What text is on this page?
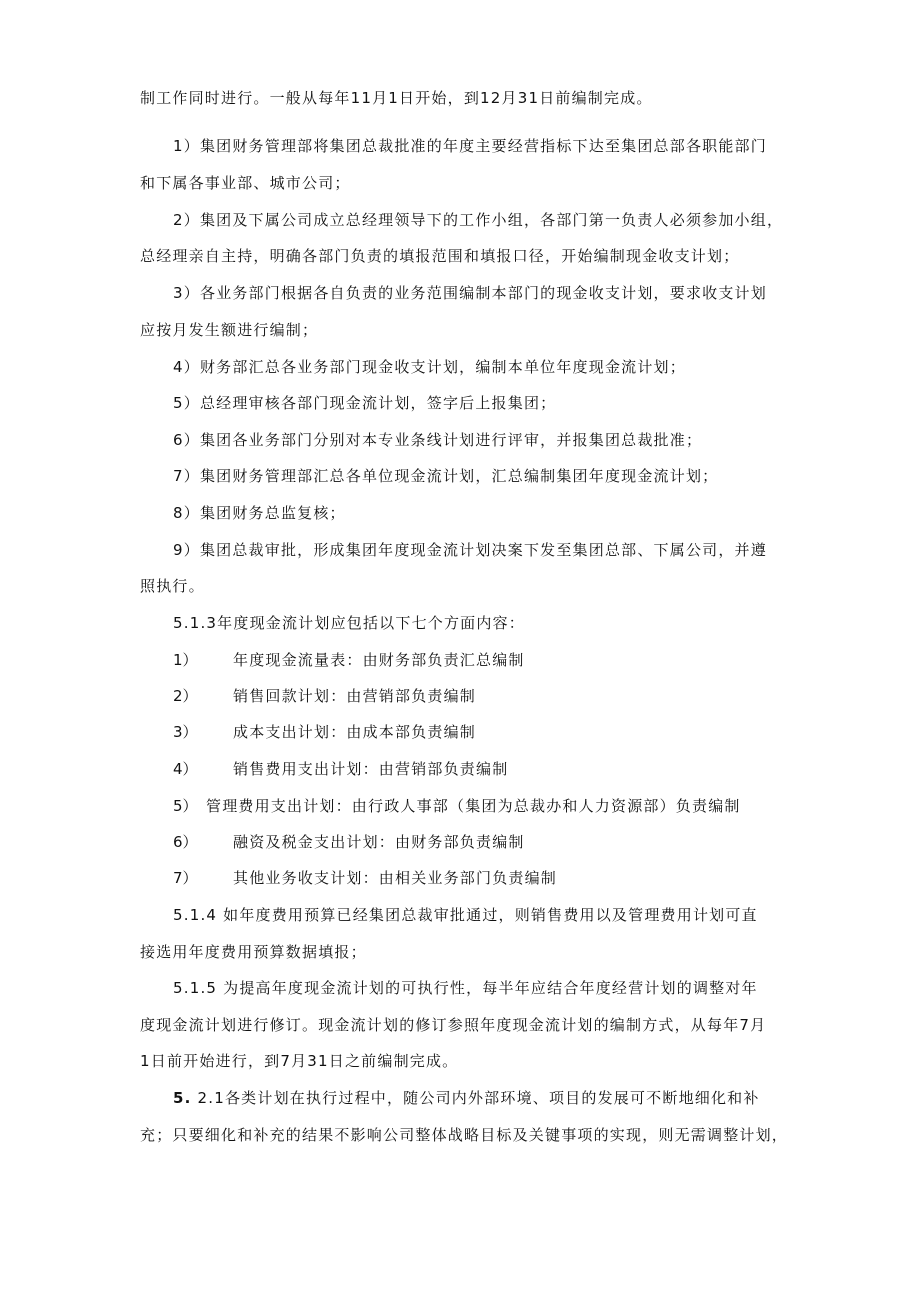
制工作同时进行。一般从每年11月1日开始，到12月31日前编制完成。

1）集团财务管理部将集团总裁批准的年度主要经营指标下达至集团总部各职能部门

和下属各事业部、城市公司；

2）集团及下属公司成立总经理领导下的工作小组，各部门第一负责人必须参加小组，

总经理亲自主持，明确各部门负责的填报范围和填报口径，开始编制现金收支计划；

3）各业务部门根据各自负责的业务范围编制本部门的现金收支计划，要求收支计划

应按月发生额进行编制；

4）财务部汇总各业务部门现金收支计划，编制本单位年度现金流计划；

5）总经理审核各部门现金流计划，签字后上报集团；

6）集团各业务部门分别对本专业条线计划进行评审，并报集团总裁批准；

7）集团财务管理部汇总各单位现金流计划，汇总编制集团年度现金流计划；

8）集团财务总监复核；

9）集团总裁审批，形成集团年度现金流计划决案下发至集团总部、下属公司，并遵

照执行。

5.1.3年度现金流计划应包括以下七个方面内容：

1） 年度现金流量表：由财务部负责汇总编制
2） 销售回款计划：由营销部负责编制
3） 成本支出计划：由成本部负责编制
4） 销售费用支出计划：由营销部负责编制
5） 管理费用支出计划：由行政人事部（集团为总裁办和人力资源部）负责编制
6） 融资及税金支出计划：由财务部负责编制
7） 其他业务收支计划：由相关业务部门负责编制

5.1.4 如年度费用预算已经集团总裁审批通过，则销售费用以及管理费用计划可直

接选用年度费用预算数据填报；

5.1.5 为提高年度现金流计划的可执行性，每半年应结合年度经营计划的调整对年

度现金流计划进行修订。现金流计划的修订参照年度现金流计划的编制方式，从每年7月

1日前开始进行，到7月31日之前编制完成。

5. 2.1各类计划在执行过程中，随公司内外部环境、项目的发展可不断地细化和补

充；只要细化和补充的结果不影响公司整体战略目标及关键事项的实现，则无需调整计划，
